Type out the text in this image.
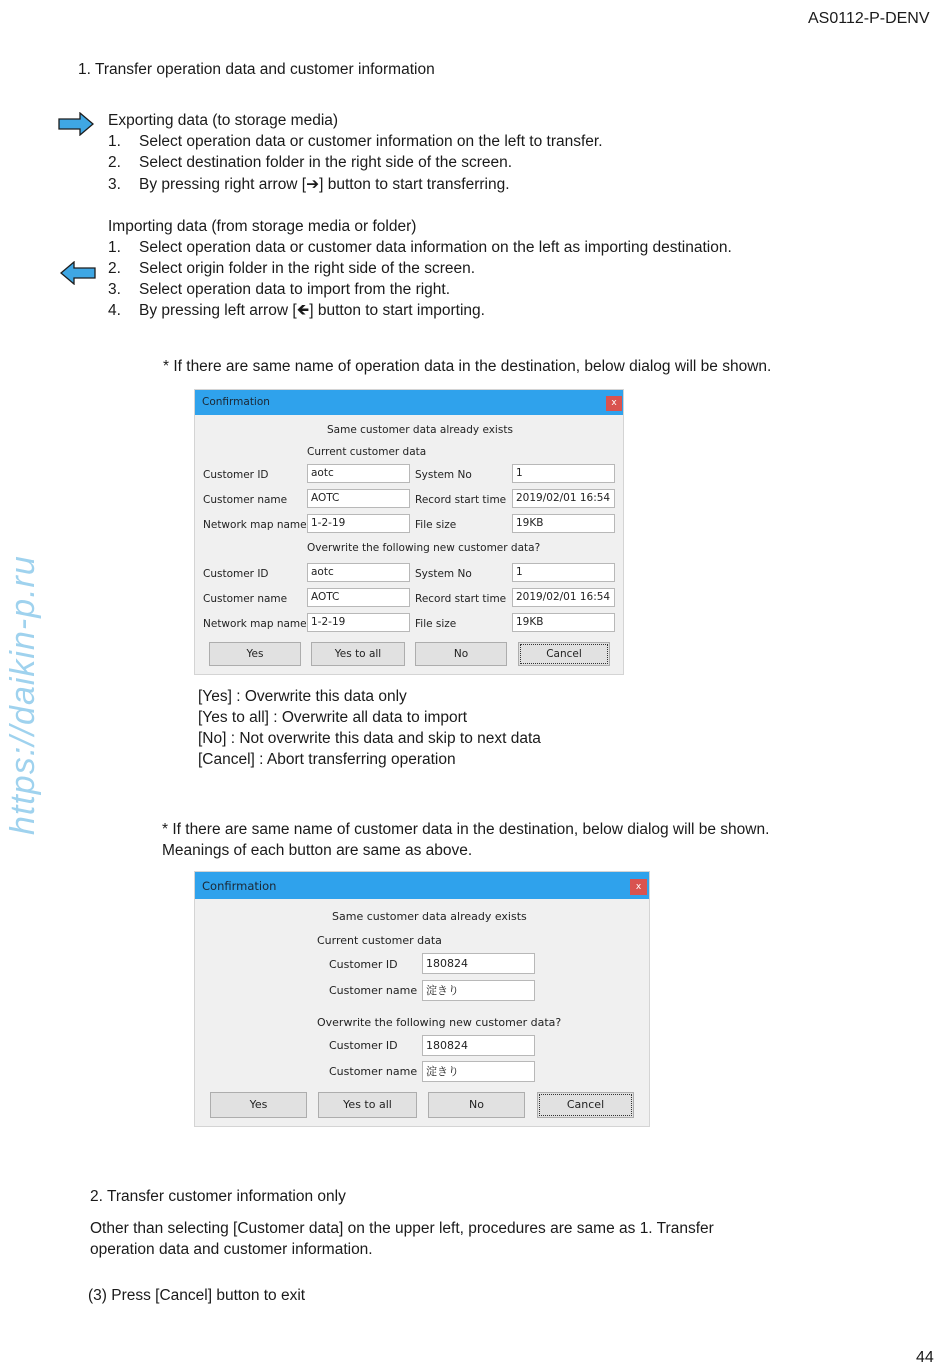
AS0112-P-DENV
44
https://daikin-p.ru
1. Transfer operation data and customer information
Exporting data (to storage media)
1. Select operation data or customer information on the left to transfer.
2. Select destination folder in the right side of the screen.
3. By pressing right arrow [➔] button to start transferring.
Importing data (from storage media or folder)
1. Select operation data or customer data information on the left as importing destination.
2. Select origin folder in the right side of the screen.
3. Select operation data to import from the right.
4. By pressing left arrow [🡸] button to start importing.
* If there are same name of operation data in the destination, below dialog will be shown.
Confirmation	x
Same customer data already exists
Current customer data
Customer ID	aotc	System No	1
Customer name	AOTC	Record start time 2019/02/01 16:54
Network map name 1-2-19	File size	19KB
Overwrite the following new customer data?
Customer ID	aotc	System No	1
Customer name	AOTC	Record start time 2019/02/01 16:54
Network map name 1-2-19	File size	19KB
Yes	Yes to all	No	Cancel
[Yes] : Overwrite this data only
[Yes to all] : Overwrite all data to import
[No] : Not overwrite this data and skip to next data
[Cancel] : Abort transferring operation
* If there are same name of customer data in the destination, below dialog will be shown.
Meanings of each button are same as above.
Confirmation	x
Same customer data already exists
Current customer data
Customer ID	180824
Customer name 淀きり
Overwrite the following new customer data?
Customer ID	180824
Customer name 淀きり
Yes	Yes to all	No	Cancel
2. Transfer customer information only
Other than selecting [Customer data] on the upper left, procedures are same as 1. Transfer
operation data and customer information.
(3) Press [Cancel] button to exit
